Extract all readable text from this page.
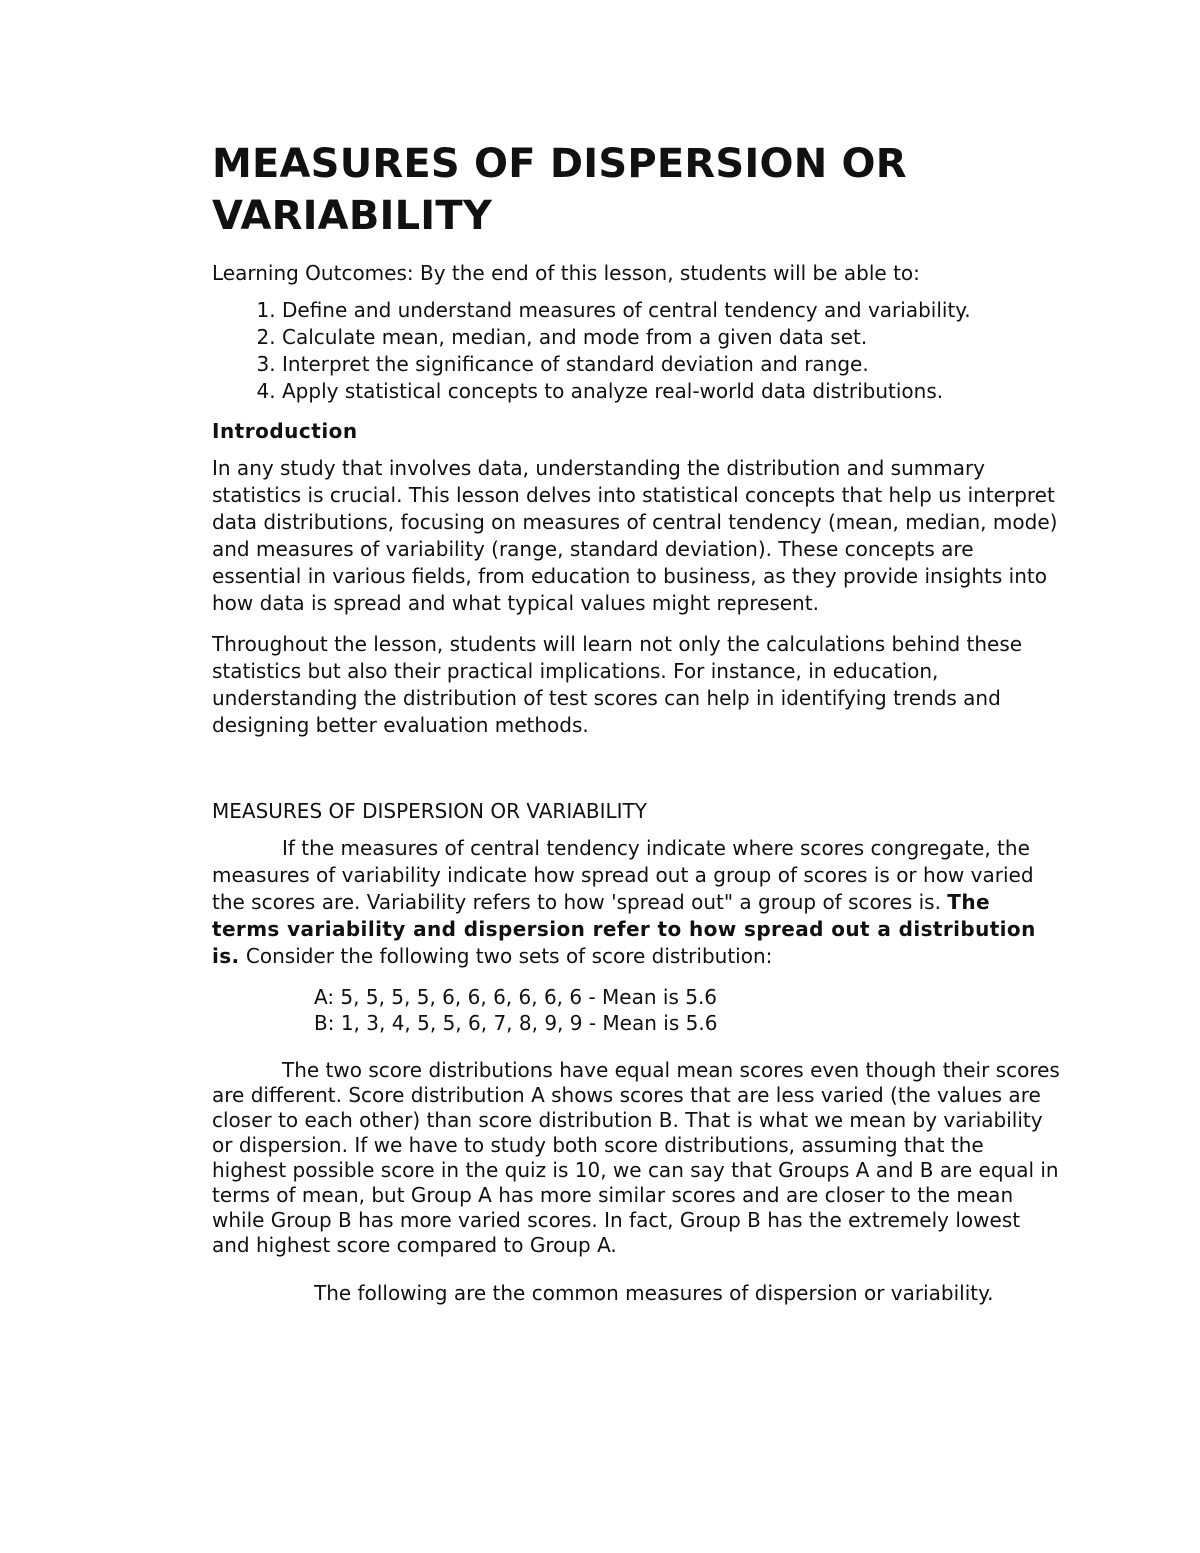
MEASURES OF DISPERSION OR VARIABILITY

Learning Outcomes: By the end of this lesson, students will be able to:

1. Define and understand measures of central tendency and variability.
2. Calculate mean, median, and mode from a given data set.
3. Interpret the significance of standard deviation and range.
4. Apply statistical concepts to analyze real-world data distributions.
Introduction

In any study that involves data, understanding the distribution and summary statistics is crucial. This lesson delves into statistical concepts that help us interpret data distributions, focusing on measures of central tendency (mean, median, mode) and measures of variability (range, standard deviation). These concepts are essential in various fields, from education to business, as they provide insights into how data is spread and what typical values might represent.

Throughout the lesson, students will learn not only the calculations behind these statistics but also their practical implications. For instance, in education, understanding the distribution of test scores can help in identifying trends and designing better evaluation methods.

MEASURES OF DISPERSION OR VARIABILITY

If the measures of central tendency indicate where scores congregate, the measures of variability indicate how spread out a group of scores is or how varied the scores are. Variability refers to how 'spread out" a group of scores is. The terms variability and dispersion refer to how spread out a distribution is. Consider the following two sets of score distribution:

A: 5, 5, 5, 5, 6, 6, 6, 6, 6, 6 - Mean is 5.6
B: 1, 3, 4, 5, 5, 6, 7, 8, 9, 9 - Mean is 5.6

The two score distributions have equal mean scores even though their scores are different. Score distribution A shows scores that are less varied (the values are closer to each other) than score distribution B. That is what we mean by variability or dispersion. If we have to study both score distributions, assuming that the highest possible score in the quiz is 10, we can say that Groups A and B are equal in terms of mean, but Group A has more similar scores and are closer to the mean while Group B has more varied scores. In fact, Group B has the extremely lowest and highest score compared to Group A.

The following are the common measures of dispersion or variability.
